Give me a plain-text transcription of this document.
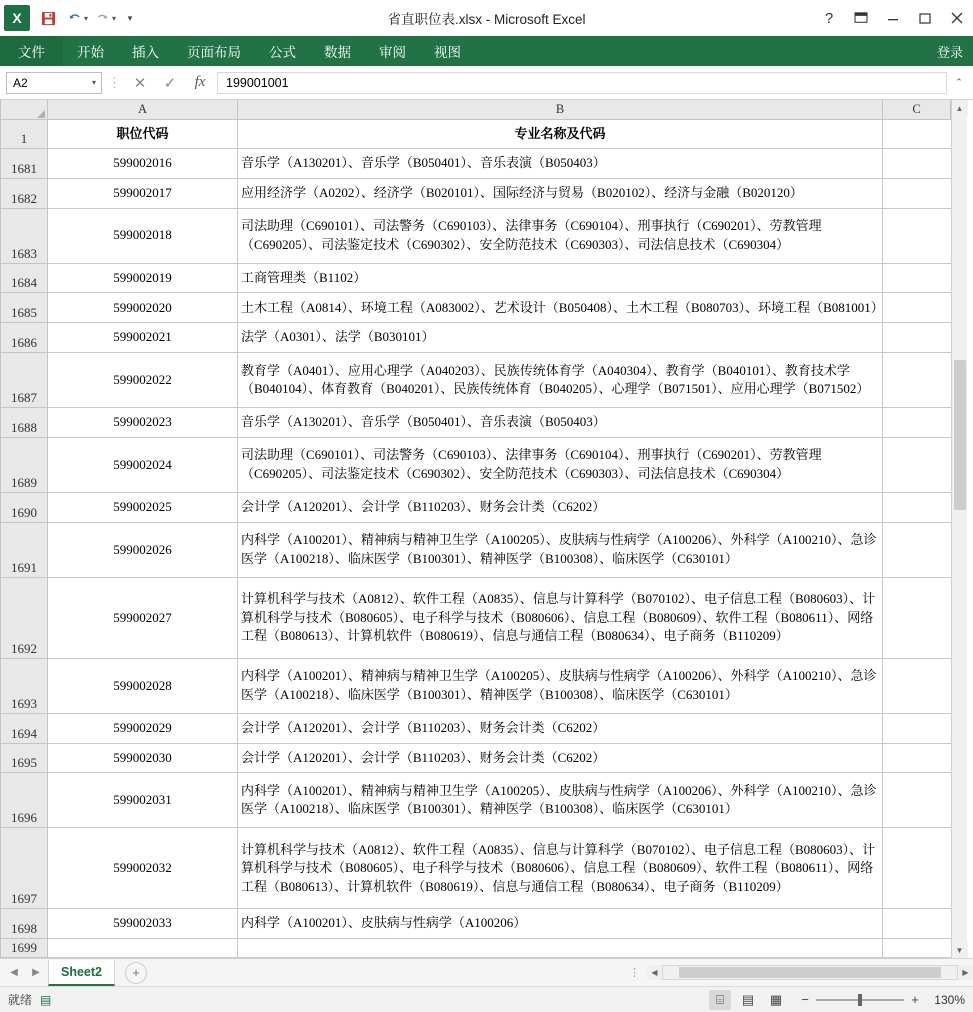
X	▾	▾ ▾	省直职位表.xlsx - Microsoft Excel	?
文件	开始	插入	页面布局	公式	数据	审阅	视图	登录
A2	▾ ⋮ ✕	✓	fx	199001001	⌃
	A	B	C
1	职位代码	专业名称及代码	
1681	599002016	音乐学（A130201）、音乐学（B050401）、音乐表演（B050403）	
1682	599002017	应用经济学（A0202）、经济学（B020101）、国际经济与贸易（B020102）、经济与金融（B020120）	
1683	599002018	司法助理（C690101）、司法警务（C690103）、法律事务（C690104）、刑事执行（C690201）、劳教管理（C690205）、司法鉴定技术（C690302）、安全防范技术（C690303）、司法信息技术（C690304）	
1684	599002019	工商管理类（B1102）	
1685	599002020	土木工程（A0814）、环境工程（A083002）、艺术设计（B050408）、土木工程（B080703）、环境工程（B081001）	
1686	599002021	法学（A0301）、法学（B030101）	
1687	599002022	教育学（A0401）、应用心理学（A040203）、民族传统体育学（A040304）、教育学（B040101）、教育技术学（B040104）、体育教育（B040201）、民族传统体育（B040205）、心理学（B071501）、应用心理学（B071502）	
1688	599002023	音乐学（A130201）、音乐学（B050401）、音乐表演（B050403）	
1689	599002024	司法助理（C690101）、司法警务（C690103）、法律事务（C690104）、刑事执行（C690201）、劳教管理（C690205）、司法鉴定技术（C690302）、安全防范技术（C690303）、司法信息技术（C690304）	
1690	599002025	会计学（A120201）、会计学（B110203）、财务会计类（C6202）	
1691	599002026	内科学（A100201）、精神病与精神卫生学（A100205）、皮肤病与性病学（A100206）、外科学（A100210）、急诊医学（A100218）、临床医学（B100301）、精神医学（B100308）、临床医学（C630101）	
1692	599002027	计算机科学与技术（A0812）、软件工程（A0835）、信息与计算科学（B070102）、电子信息工程（B080603）、计算机科学与技术（B080605）、电子科学与技术（B080606）、信息工程（B080609）、软件工程（B080611）、网络工程（B080613）、计算机软件（B080619）、信息与通信工程（B080634）、电子商务（B110209）	
1693	599002028	内科学（A100201）、精神病与精神卫生学（A100205）、皮肤病与性病学（A100206）、外科学（A100210）、急诊医学（A100218）、临床医学（B100301）、精神医学（B100308）、临床医学（C630101）	
1694	599002029	会计学（A120201）、会计学（B110203）、财务会计类（C6202）	
1695	599002030	会计学（A120201）、会计学（B110203）、财务会计类（C6202）	
1696	599002031	内科学（A100201）、精神病与精神卫生学（A100205）、皮肤病与性病学（A100206）、外科学（A100210）、急诊医学（A100218）、临床医学（B100301）、精神医学（B100308）、临床医学（C630101）	
1697	599002032	计算机科学与技术（A0812）、软件工程（A0835）、信息与计算科学（B070102）、电子信息工程（B080603）、计算机科学与技术（B080605）、电子科学与技术（B080606）、信息工程（B080609）、软件工程（B080611）、网络工程（B080613）、计算机软件（B080619）、信息与通信工程（B080634）、电子商务（B110209）	
1698	599002033	内科学（A100201）、皮肤病与性病学（A100206）	
1699			
▲
▼
◀	▶	Sheet2	+	⋮	◀	▶
就绪 ▤	⌸	▤	▦	−	+	130%
